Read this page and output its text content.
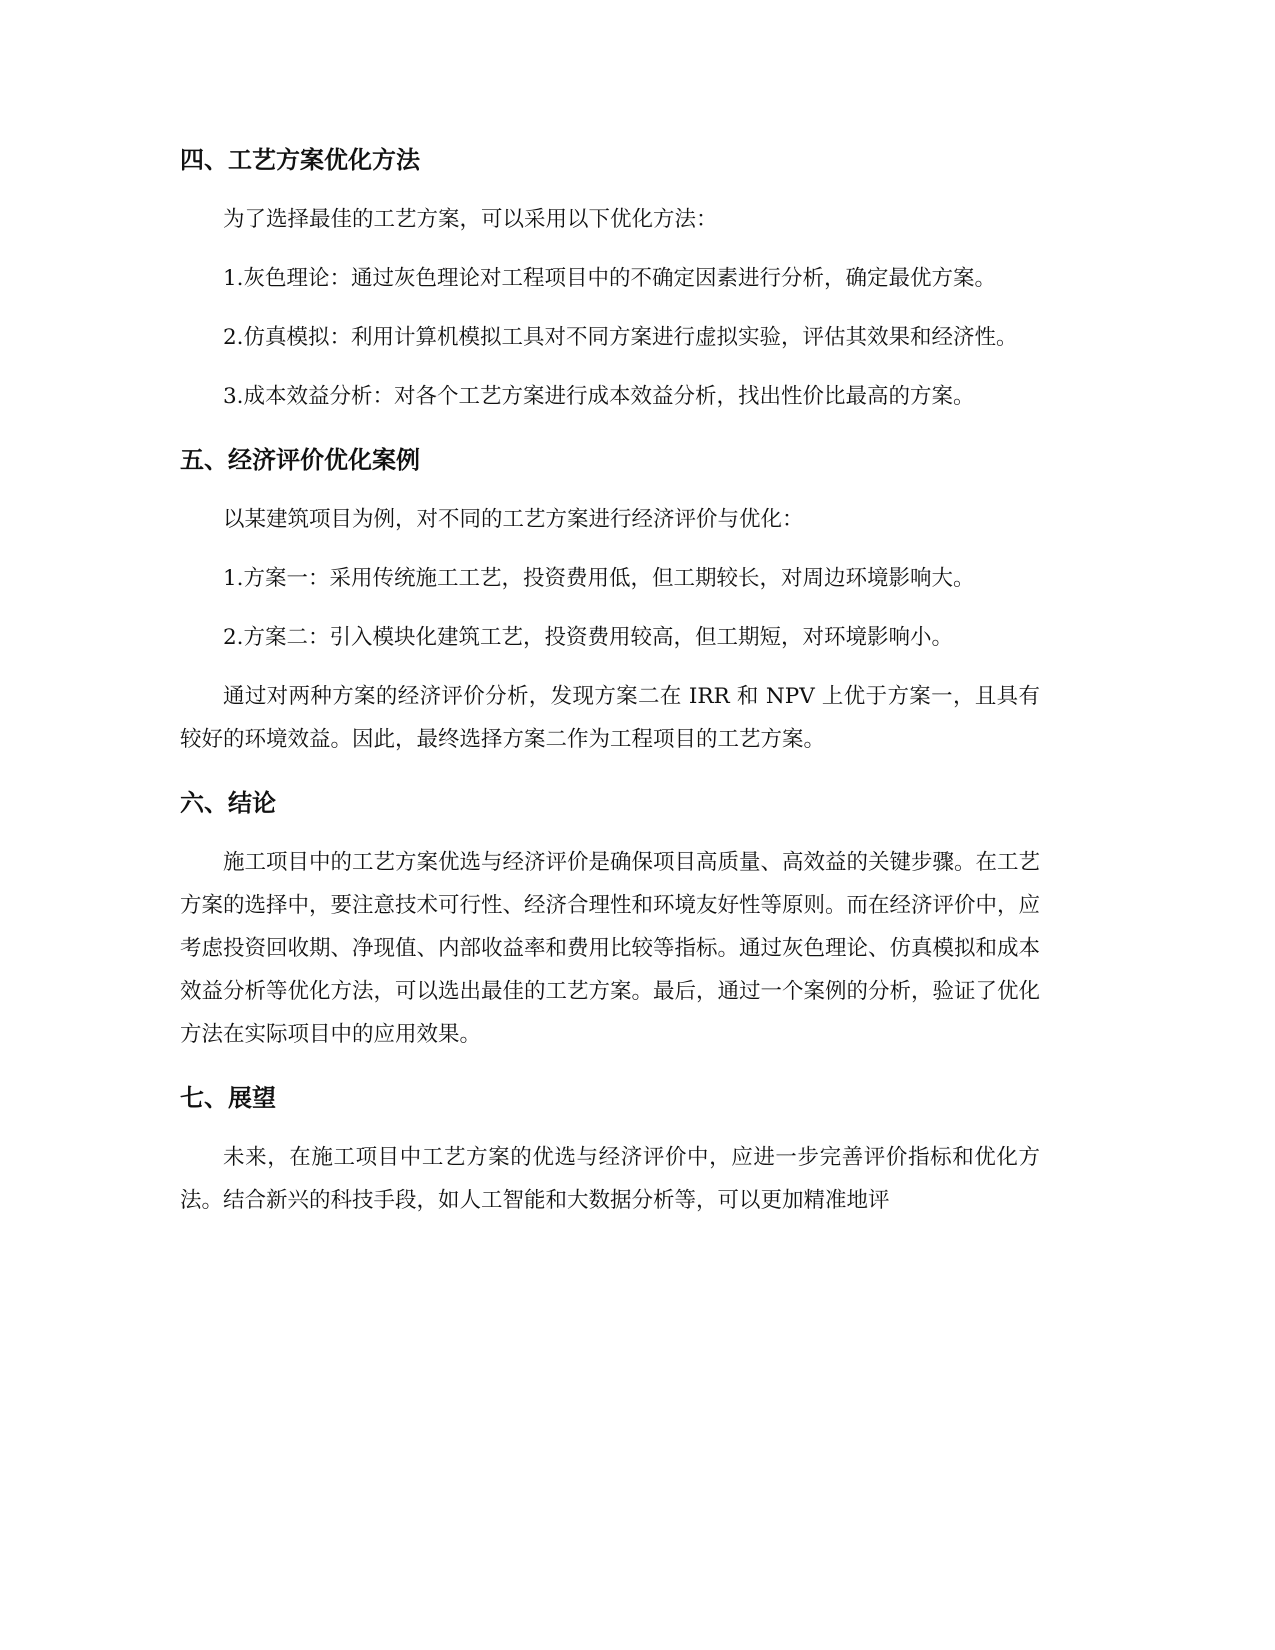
四、工艺方案优化方法

为了选择最佳的工艺方案，可以采用以下优化方法：

1.灰色理论：通过灰色理论对工程项目中的不确定因素进行分析，确定最优方案。

2.仿真模拟：利用计算机模拟工具对不同方案进行虚拟实验，评估其效果和经济性。

3.成本效益分析：对各个工艺方案进行成本效益分析，找出性价比最高的方案。

五、经济评价优化案例

以某建筑项目为例，对不同的工艺方案进行经济评价与优化：

1.方案一：采用传统施工工艺，投资费用低，但工期较长，对周边环境影响大。

2.方案二：引入模块化建筑工艺，投资费用较高，但工期短，对环境影响小。

通过对两种方案的经济评价分析，发现方案二在 IRR 和 NPV 上优于方案一，且具有较好的环境效益。因此，最终选择方案二作为工程项目的工艺方案。

六、结论

施工项目中的工艺方案优选与经济评价是确保项目高质量、高效益的关键步骤。在工艺方案的选择中，要注意技术可行性、经济合理性和环境友好性等原则。而在经济评价中，应考虑投资回收期、净现值、内部收益率和费用比较等指标。通过灰色理论、仿真模拟和成本效益分析等优化方法，可以选出最佳的工艺方案。最后，通过一个案例的分析，验证了优化方法在实际项目中的应用效果。

七、展望

未来，在施工项目中工艺方案的优选与经济评价中，应进一步完善评价指标和优化方法。结合新兴的科技手段，如人工智能和大数据分析等，可以更加精准地评
